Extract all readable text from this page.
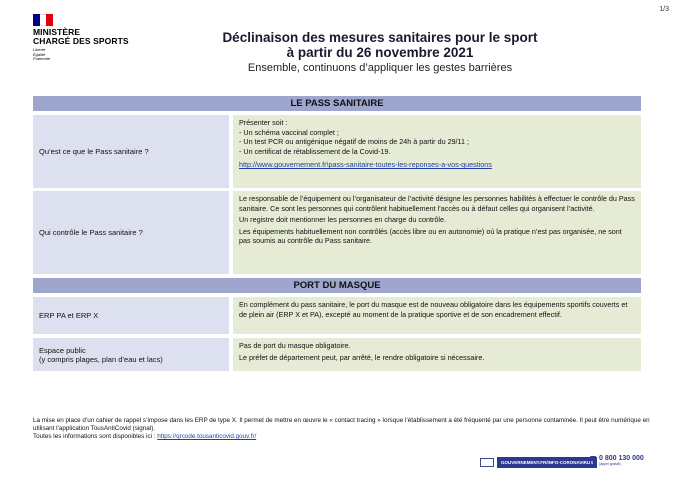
1/3
MINISTÈRE
CHARGÉ DES SPORTS
Liberté
Égalité
Fraternité
Déclinaison des mesures sanitaires pour le sport
à partir du 26 novembre 2021
Ensemble, continuons d’appliquer les gestes barrières
LE PASS SANITAIRE
Qu’est ce que le Pass sanitaire ?

Présenter soit :

- Un schéma vaccinal complet ;

- Un test PCR ou antigénique négatif de moins de 24h à partir du 29/11 ;

- Un certificat de rétablissement de la Covid-19.

http://www.gouvernement.fr\pass-sanitaire-toutes-les-reponses-a-vos-questions

Qui contrôle le Pass sanitaire ?

Le responsable de l’équipement ou l’organisateur de l’activité désigne les personnes habilités à effectuer le contrôle du Pass sanitaire. Ce sont les personnes qui contrôlent habituellement l’accès ou à défaut celles qui organisent l’activité.

Un registre doit mentionner les personnes en charge du contrôle.

Les équipements habituellement non contrôlés (accès libre ou en autonomie) où la pratique n’est pas organisée, ne sont pas soumis au contrôle du Pass sanitaire.

PORT DU MASQUE
ERP PA et ERP X

En complément du pass sanitaire, le port du masque est de nouveau obligatoire dans les équipements sportifs couverts et de plein air (ERP X et PA), excepté au moment de la pratique sportive et de son encadrement effectif.

Espace public
(y compris plages, plan d’eau et lacs)

Pas de port du masque obligatoire.

Le préfet de département peut, par arrêté, le rendre obligatoire si nécessaire.

La mise en place d’un cahier de rappel s’impose dans les ERP de type X. Il permet de mettre en œuvre le « contact tracing » lorsque l’établissement a été fréquenté par une personne contaminée. Il peut être numérique en utilisant l’application TousAntiCovid (signal).
Toutes les informations sont disponibles ici : https://qrcode.tousanticovid.gouv.fr/
GOUVERNEMENT.FR/INFO-CORONAVIRUS
0 800 130 000
(appel gratuit)
